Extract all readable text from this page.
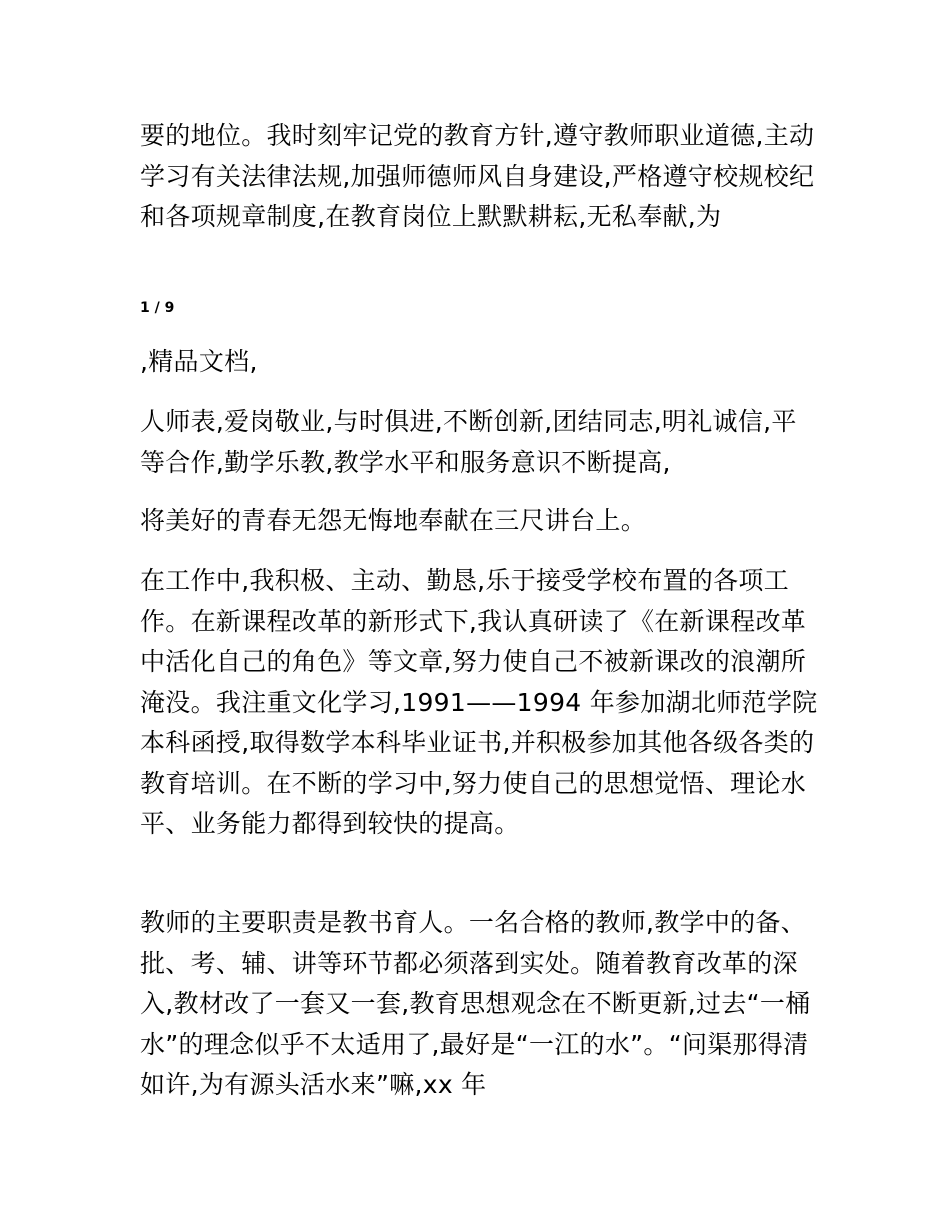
要的地位。我时刻牢记党的教育方针,遵守教师职业道德,主动学习有关法律法规,加强师德师风自身建设,严格遵守校规校纪和各项规章制度,在教育岗位上默默耕耘,无私奉献,为

1 / 9

,精品文档,

人师表,爱岗敬业,与时俱进,不断创新,团结同志,明礼诚信,平等合作,勤学乐教,教学水平和服务意识不断提高,

将美好的青春无怨无悔地奉献在三尺讲台上。

在工作中,我积极、主动、勤恳,乐于接受学校布置的各项工作。在新课程改革的新形式下,我认真研读了《在新课程改革中活化自己的角色》等文章,努力使自己不被新课改的浪潮所淹没。我注重文化学习,1991——1994 年参加湖北师范学院本科函授,取得数学本科毕业证书,并积极参加其他各级各类的教育培训。在不断的学习中,努力使自己的思想觉悟、理论水平、业务能力都得到较快的提高。

教师的主要职责是教书育人。一名合格的教师,教学中的备、批、考、辅、讲等环节都必须落到实处。随着教育改革的深入,教材改了一套又一套,教育思想观念在不断更新,过去“一桶水”的理念似乎不太适用了,最好是“一江的水”。“问渠那得清如许,为有源头活水来”嘛,xx 年
